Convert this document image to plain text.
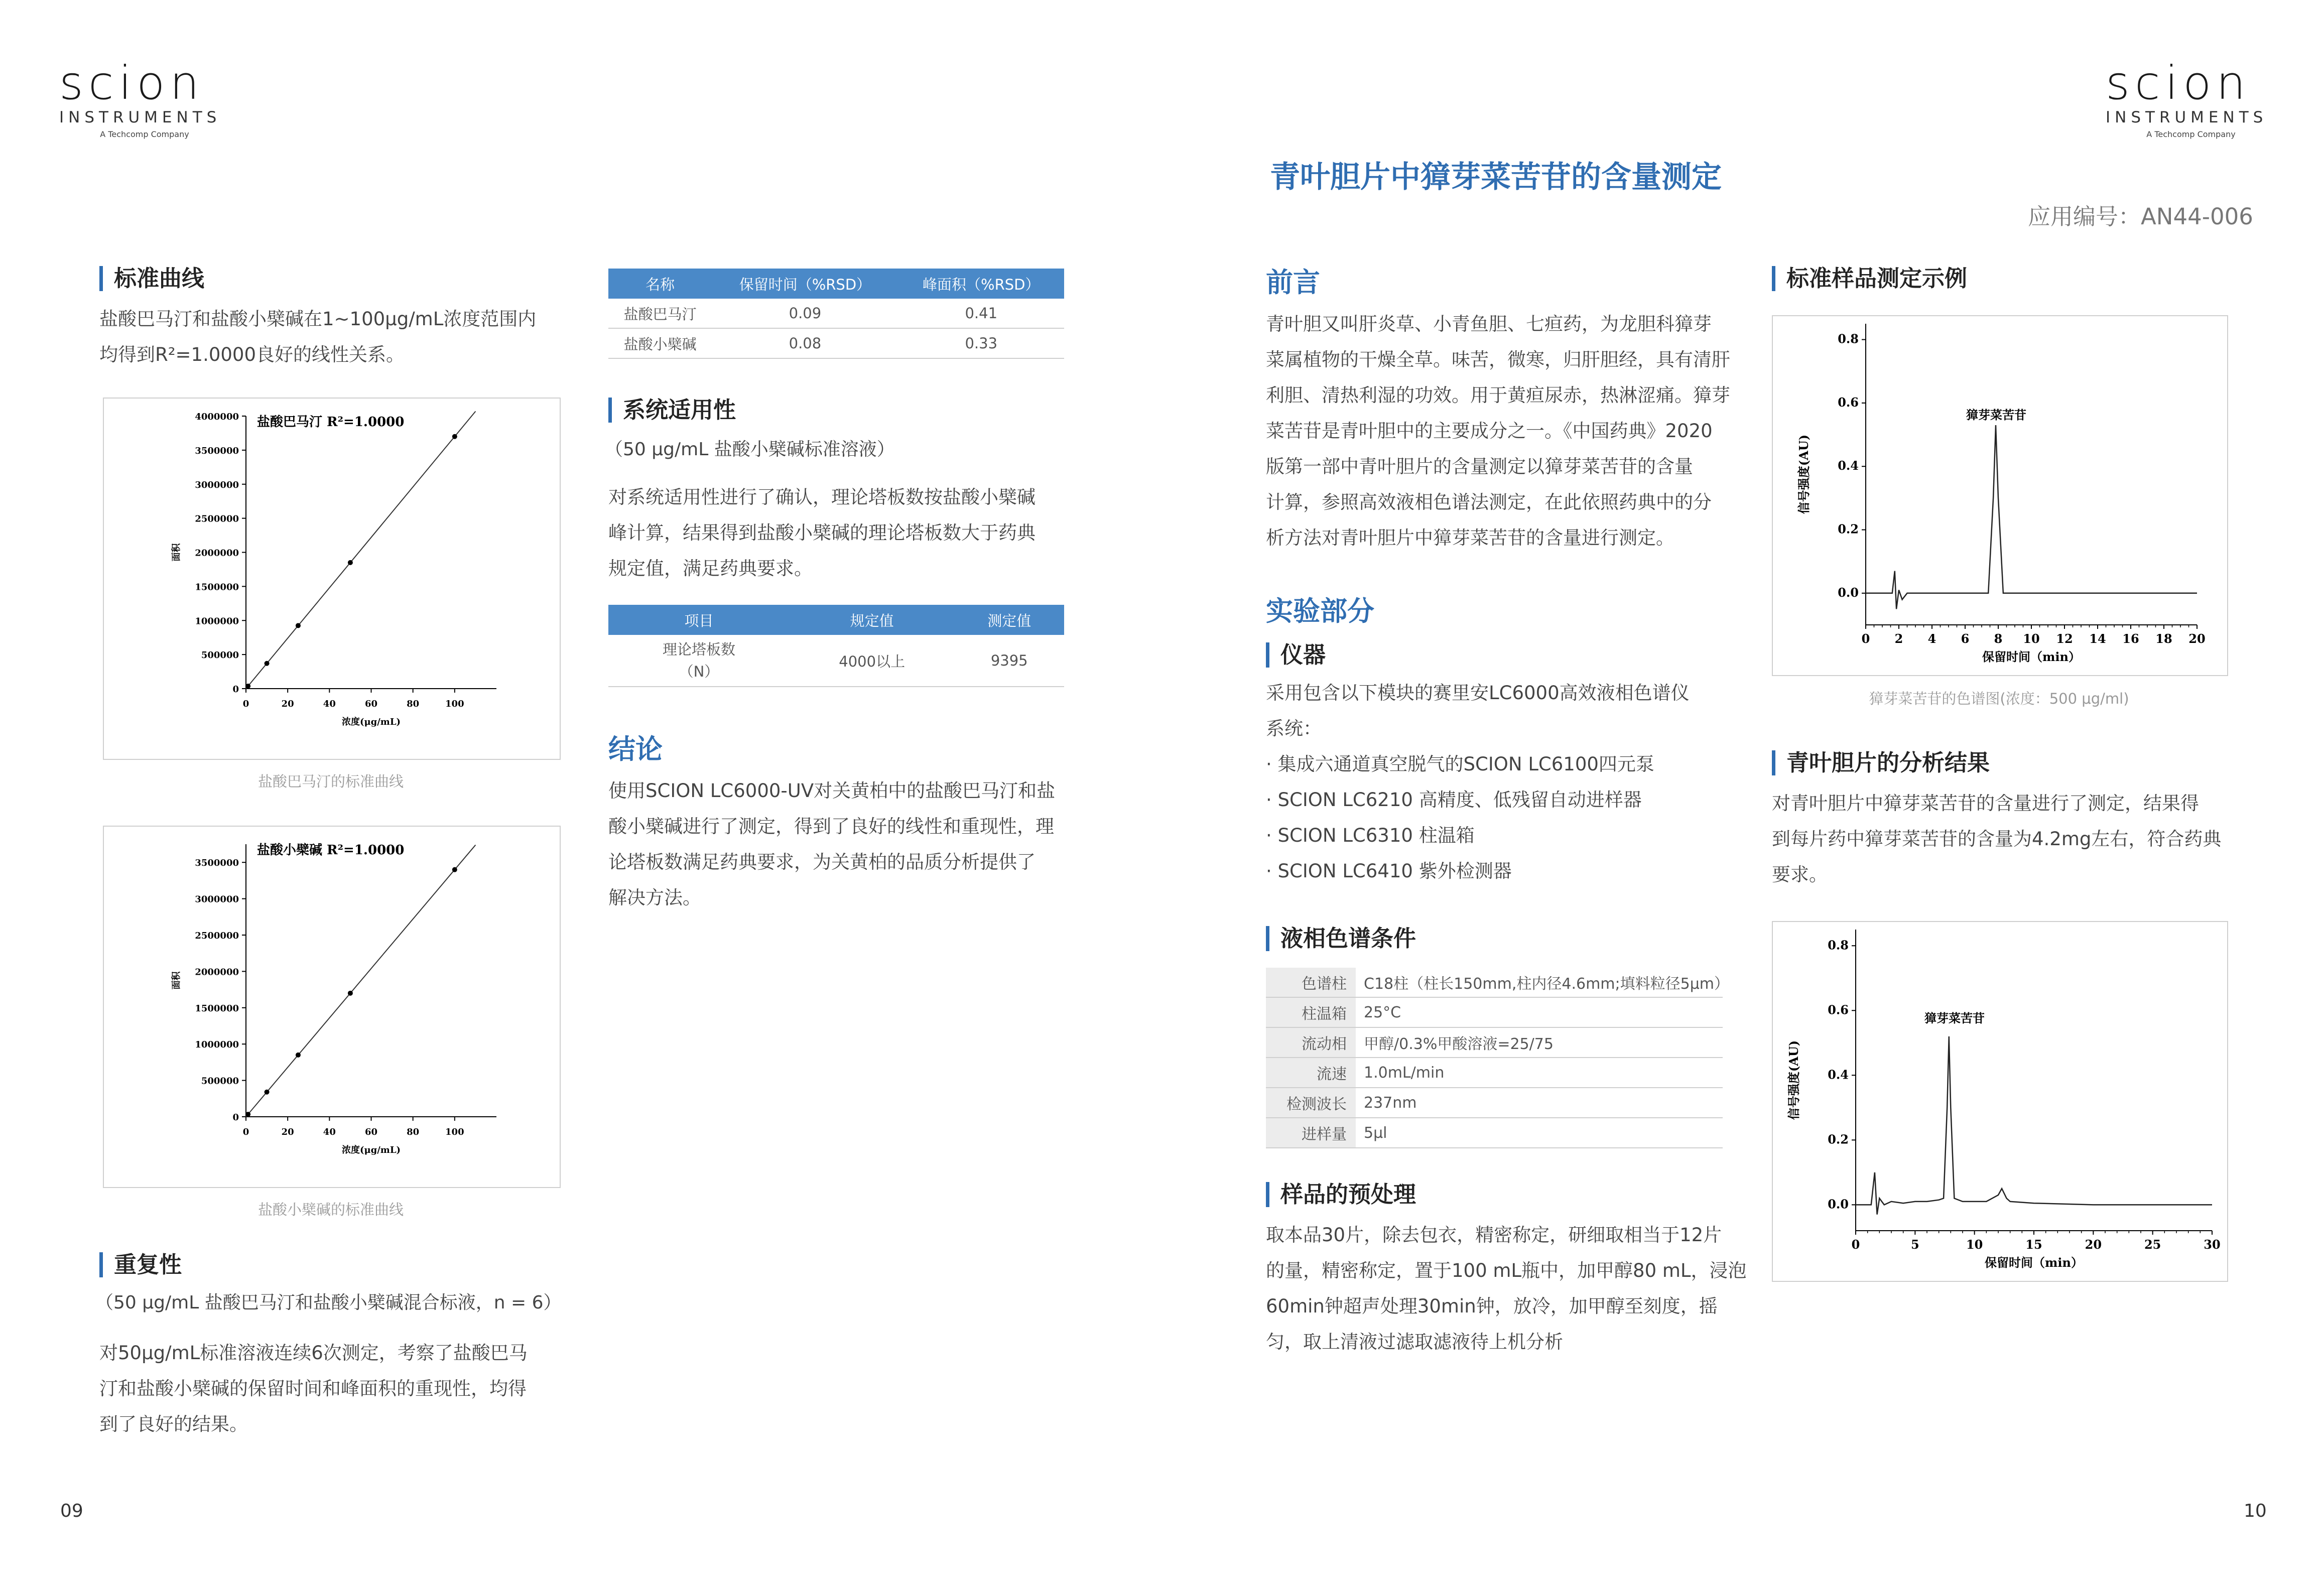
scion
INSTRUMENTS
A Techcomp Company
scion
INSTRUMENTS
A Techcomp Company
青叶胆片中獐芽菜苦苷的含量测定
应用编号：AN44-006
标准曲线
盐酸巴马汀和盐酸小檗碱在1~100μg/mL浓度范围内
均得到R²=1.0000良好的线性关系。
0
500000
1000000
1500000
2000000
2500000
3000000
3500000
4000000
0	20	40	60	80	100
浓度(μg/mL)
面积
盐酸巴马汀 R²=1.0000
盐酸巴马汀的标准曲线
0
500000
1000000
1500000
2000000
2500000
3000000
3500000
0	20	40	60	80	100
浓度(μg/mL)
面积
盐酸小檗碱 R²=1.0000
盐酸小檗碱的标准曲线
重复性
（50 μg/mL 盐酸巴马汀和盐酸小檗碱混合标液，n = 6）
对50μg/mL标准溶液连续6次测定，考察了盐酸巴马
汀和盐酸小檗碱的保留时间和峰面积的重现性，均得
到了良好的结果。
名称	保留时间（%RSD）	峰面积（%RSD）
盐酸巴马汀	0.09	0.41
盐酸小檗碱	0.08	0.33
系统适用性
（50 μg/mL 盐酸小檗碱标准溶液）
对系统适用性进行了确认，理论塔板数按盐酸小檗碱
峰计算，结果得到盐酸小檗碱的理论塔板数大于药典
规定值，满足药典要求。
项目	规定值	测定值

理论塔板数
（N）	4000以上	9395
结论
使用SCION LC6000-UV对关黄柏中的盐酸巴马汀和盐
酸小檗碱进行了测定，得到了良好的线性和重现性，理
论塔板数满足药典要求，为关黄柏的品质分析提供了
解决方法。
前言
青叶胆又叫肝炎草、小青鱼胆、七疸药，为龙胆科獐芽
菜属植物的干燥全草。味苦，微寒，归肝胆经，具有清肝
利胆、清热利湿的功效。用于黄疸尿赤，热淋涩痛。獐芽
菜苦苷是青叶胆中的主要成分之一。《中国药典》2020
版第一部中青叶胆片的含量测定以獐芽菜苦苷的含量
计算，参照高效液相色谱法测定，在此依照药典中的分
析方法对青叶胆片中獐芽菜苦苷的含量进行测定。
实验部分
仪器
采用包含以下模块的赛里安LC6000高效液相色谱仪
系统：
· 集成六通道真空脱气的SCION LC6100四元泵
· SCION LC6210 高精度、低残留自动进样器
· SCION LC6310 柱温箱
· SCION LC6410 紫外检测器
液相色谱条件
色谱柱	C18柱（柱长150mm,柱内径4.6mm;填料粒径5μm）
柱温箱	25°C
流动相	甲醇/0.3%甲酸溶液=25/75
流速	1.0mL/min
检测波长	237nm
进样量	5μl
样品的预处理
取本品30片，除去包衣，精密称定，研细取相当于12片
的量，精密称定，置于100 mL瓶中，加甲醇80 mL，浸泡
60min钟超声处理30min钟，放冷，加甲醇至刻度，摇
匀，取上清液过滤取滤液待上机分析
标准样品测定示例
0.0
0.2
0.4
0.6
0.8
0 2 4 6 8 10 12 14 16 18 20
保留时间（min）
信号强度(AU)
獐芽菜苦苷
獐芽菜苦苷的色谱图(浓度：500 μg/ml)
青叶胆片的分析结果
对青叶胆片中獐芽菜苦苷的含量进行了测定，结果得
到每片药中獐芽菜苦苷的含量为4.2mg左右，符合药典
要求。
0.0
0.2
0.4
0.6
0.8
0	5	10	15	20	25	30
保留时间（min）
信号强度(AU)
獐芽菜苦苷
09	10
